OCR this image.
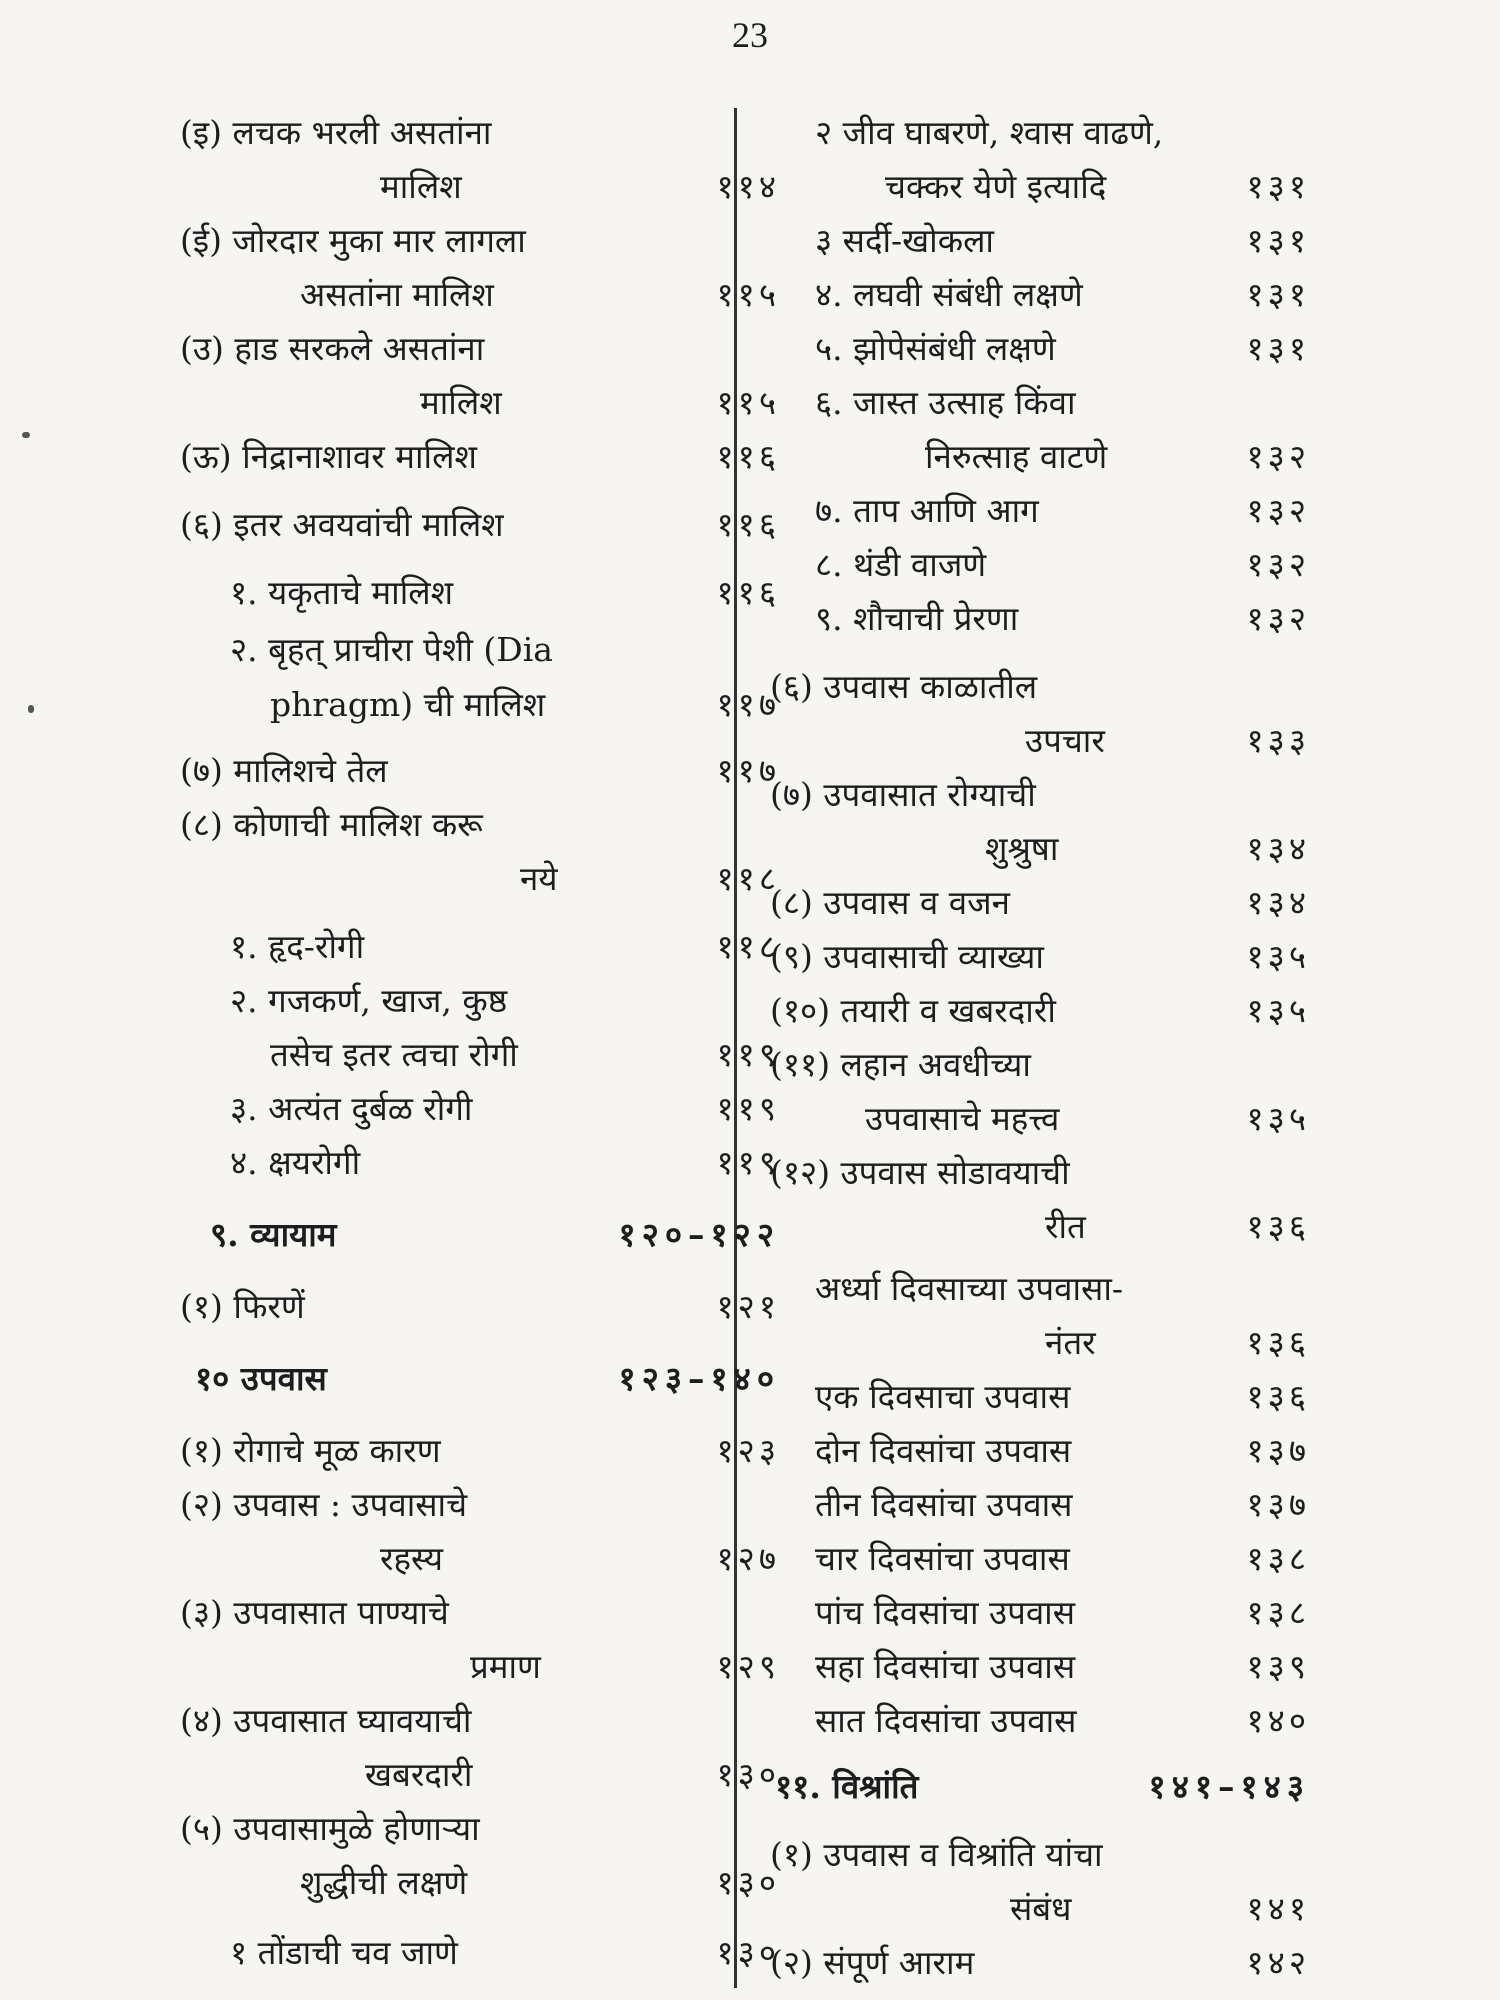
23
(इ) लचक भरली असतांना
मालिश	११४
(ई) जोरदार मुका मार लागला
असतांना मालिश	११५
(उ) हाड सरकले असतांना
मालिश	११५
(ऊ) निद्रानाशावर मालिश	११६
(६) इतर अवयवांची मालिश	११६
१. यकृताचे मालिश	११६
२. बृहत् प्राचीरा पेशी (Dia
phragm) ची मालिश	११७
(७) मालिशचे तेल	११७
(८) कोणाची मालिश करू
नये	११८
१. हृद-रोगी	११८
२. गजकर्ण, खाज, कुष्ठ
तसेच इतर त्वचा रोगी	११९
३. अत्यंत दुर्बळ रोगी	११९
४. क्षयरोगी	११९
९. व्यायाम	१२०–१२२
(१) फिरणें	१२१
१० उपवास	१२३–१४०
(१) रोगाचे मूळ कारण	१२३
(२) उपवास : उपवासाचे
रहस्य	१२७
(३) उपवासात पाण्याचे
प्रमाण	१२९
(४) उपवासात घ्यावयाची
खबरदारी	१३०
(५) उपवासामुळे होणाऱ्या
शुद्धीची लक्षणे	१३०
१ तोंडाची चव जाणे	१३०
२ जीव घाबरणे, श्वास वाढणे,
चक्कर येणे इत्यादि	१३१
३ सर्दी-खोकला	१३१
४. लघवी संबंधी लक्षणे	१३१
५. झोपेसंबंधी लक्षणे	१३१
६. जास्त उत्साह किंवा
निरुत्साह वाटणे	१३२
७. ताप आणि आग	१३२
८. थंडी वाजणे	१३२
९. शौचाची प्रेरणा	१३२
(६) उपवास काळातील
उपचार	१३३
(७) उपवासात रोग्याची
शुश्रुषा	१३४
(८) उपवास व वजन	१३४
(९) उपवासाची व्याख्या	१३५
(१०) तयारी व खबरदारी	१३५
(११) लहान अवधीच्या
उपवासाचे महत्त्व	१३५
(१२) उपवास सोडावयाची
रीत	१३६
अर्ध्या दिवसाच्या उपवासा-
नंतर	१३६
एक दिवसाचा उपवास	१३६
दोन दिवसांचा उपवास	१३७
तीन दिवसांचा उपवास	१३७
चार दिवसांचा उपवास	१३८
पांच दिवसांचा उपवास	१३८
सहा दिवसांचा उपवास	१३९
सात दिवसांचा उपवास	१४०
११. विश्रांति	१४१–१४३
(१) उपवास व विश्रांति यांचा
संबंध	१४१
(२) संपूर्ण आराम	१४२
